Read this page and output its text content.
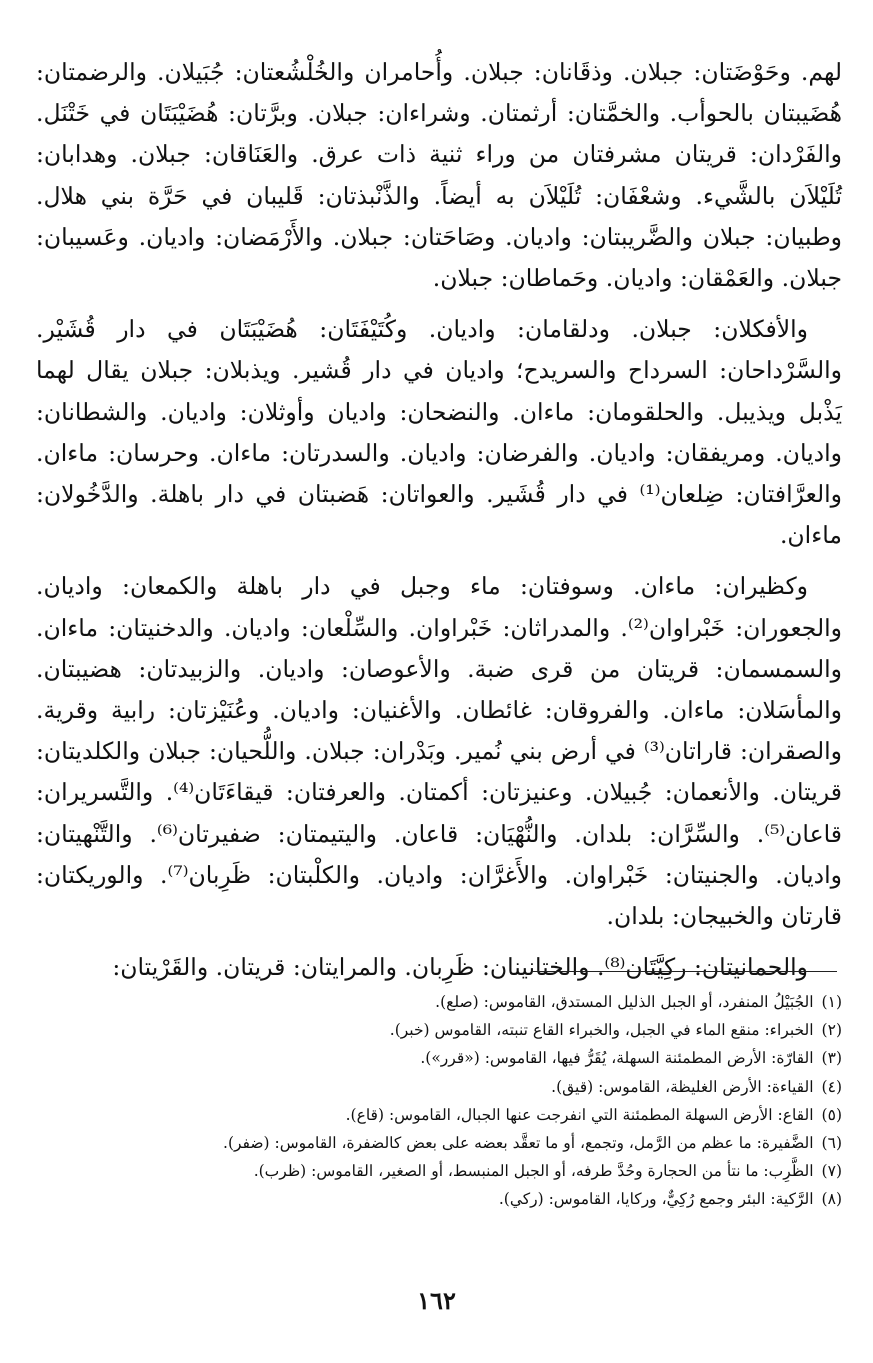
لهم. وحَوْضَتان: جبلان. وذقَانان: جبلان. وأُحامران والخُلْشُعتان: جُبَيلان. والرضمتان: هُضَيبتان بالحوأب. والخمَّتان: أرثمتان. وشراءان: جبلان. وبرَّتان: هُضَيْبَتَان في خَتْنَل. والفَرْدان: قريتان مشرفتان من وراء ثنية ذات عرق. والعَنَاقان: جبلان. وهدابان: تُلَيْلاَن بالشَّيء. وشعْفَان: تُلَيْلاَن به أيضاً. والذَّنْبذتان: قَليبان في حَرَّة بني هلال. وطبيان: جبلان والضَّريبتان: واديان. وصَاحَتان: جبلان. والأَرْمَضان: واديان. وعَسيبان: جبلان. والعَمْقان: واديان. وحَماطان: جبلان.

والأفكلان: جبلان. ودلقامان: واديان. وكُتَيْفَتَان: هُضَيْبَتَان في دار قُشَيْر. والسَّرْداحان: السرداح والسريدح؛ واديان في دار قُشير. ويذبلان: جبلان يقال لهما يَذْبل ويذيبل. والحلقومان: ماءان. والنضحان: واديان وأوثلان: واديان. والشطانان: واديان. ومريفقان: واديان. والفرضان: واديان. والسدرتان: ماءان. وحرسان: ماءان. والعرَّافتان: ضِلعان⁽¹⁾ في دار قُشَير. والعواتان: هَضبتان في دار باهلة. والدَّخُولان: ماءان.

وكظيران: ماءان. وسوفتان: ماء وجبل في دار باهلة والكمعان: واديان. والجعوران: خَبْراوان⁽²⁾. والمدراثان: خَبْراوان. والسِّلْعان: واديان. والدخنيتان: ماءان. والسمسمان: قريتان من قرى ضبة. والأعوصان: واديان. والزبيدتان: هضيبتان. والمأسَلان: ماءان. والفروقان: غائطان. والأغنيان: واديان. وعُنَيْزتان: رابية وقرية. والصقران: قاراتان⁽³⁾ في أرض بني نُمير. وبَدْران: جبلان. واللُّحيان: جبلان والكلديتان: قريتان. والأنعمان: جُبيلان. وعنيزتان: أكمتان. والعرفتان: قيقاءَتَان⁽⁴⁾. والتَّسريران: قاعان⁽⁵⁾. والسِّرَّان: بلدان. والنُّهْيَان: قاعان. واليتيمتان: ضفيرتان⁽⁶⁾. والتَّنْهيتان: واديان. والجنيتان: خَبْراوان. والأَغرَّان: واديان. والكلْبتان: ظَرِبان⁽⁷⁾. والوريكتان: قارتان والخبيجان: بلدان.

والحمانيتان: ركِيَّتَان⁽⁸⁾. والختانينان: ظَرِبان. والمرايتان: قريتان. والقَرْيتان:

(١)الجُبَيْلُ المنفرد، أو الجبل الذليل المستدق، القاموس: (صلع).

(٢)الخبراء: منقع الماء في الجبل، والخبراء القاع تنبته، القاموس (خبر).

(٣)القارّة: الأرض المطمئنة السهلة، يُقَرُّ فيها، القاموس: («قرر»).

(٤)القياءة: الأرض الغليظة، القاموس: (قيق).

(٥)القاع: الأرض السهلة المطمئنة التي انفرجت عنها الجبال، القاموس: (قاع).

(٦)الضَّفيرة: ما عظم من الرَّمل، وتجمع، أو ما تعقَّد بعضه على بعض كالضفرة، القاموس: (ضفر).

(٧)الظَّرِب: ما نتأ من الحجارة وحُدَّ طرفه، أو الجبل المنبسط، أو الصغير، القاموس: (ظرب).

(٨)الرَّكية: البئر وجمع رُكِيٌّ، وركايا، القاموس: (ركي).

١٦٢
